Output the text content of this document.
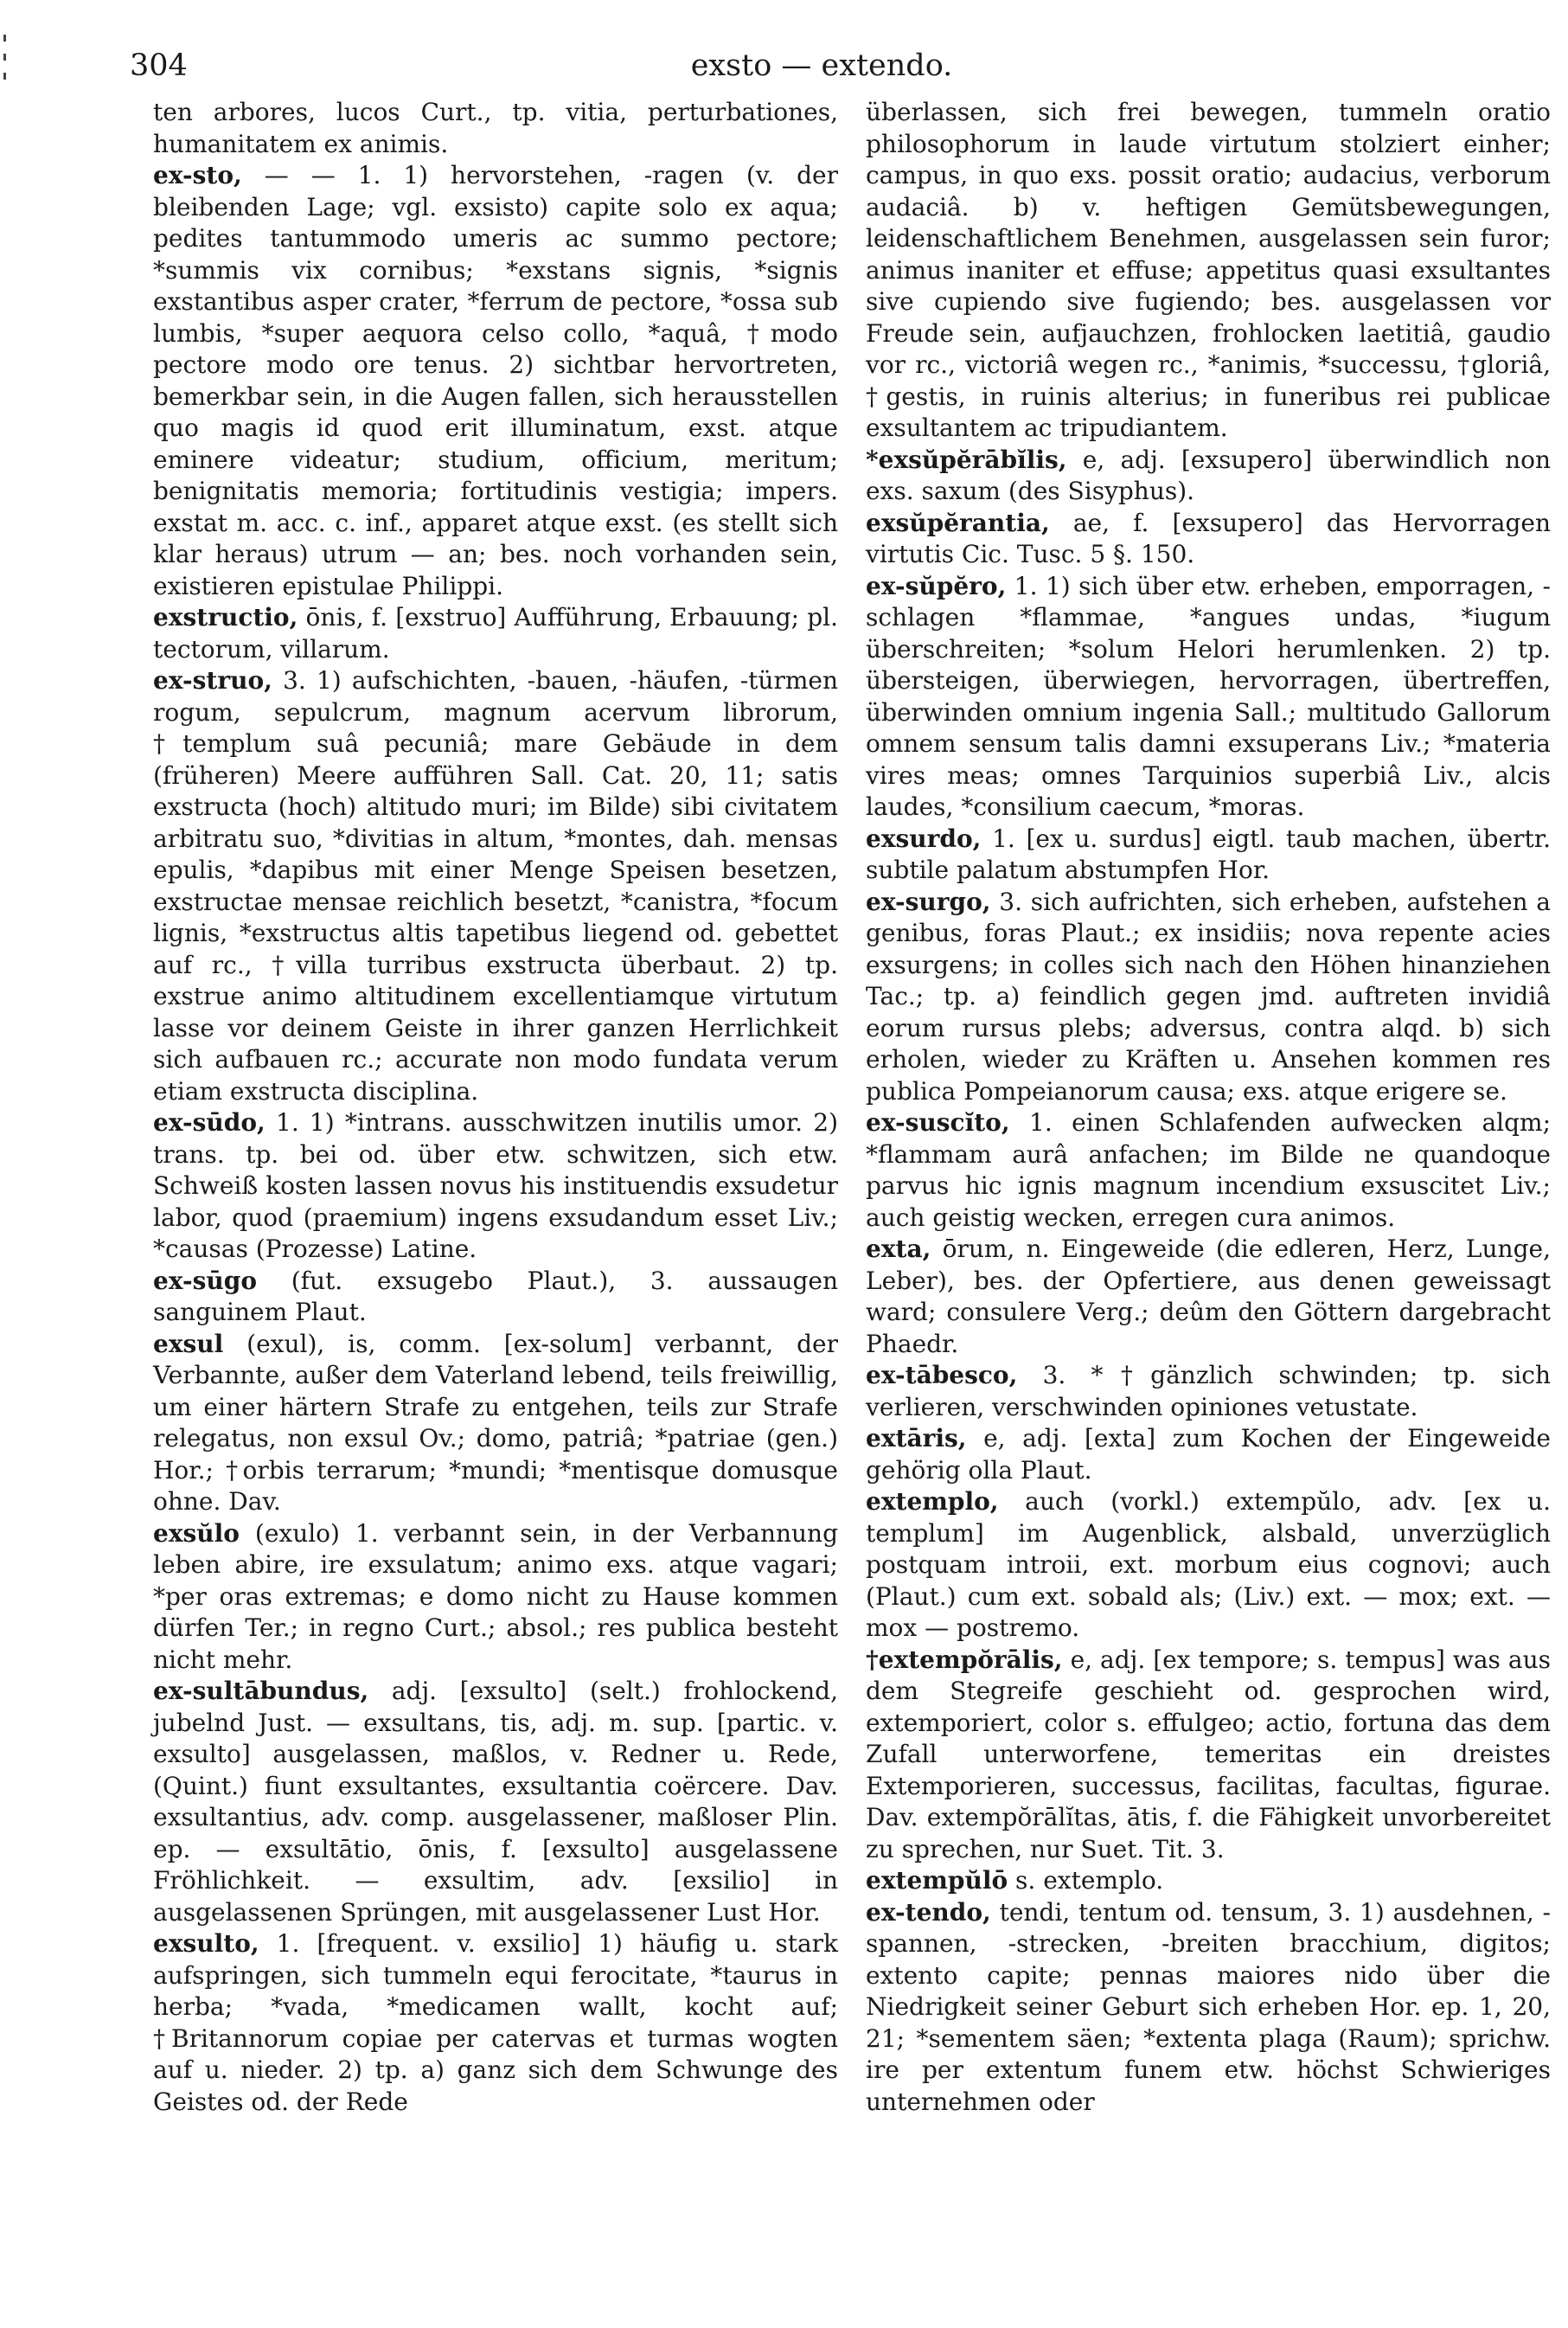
304	exsto — extendo.

ten arbores, lucos Curt., tp. vitia, perturbationes, humanitatem ex animis.

ex-sto, — — 1. 1) hervorstehen, -ragen (v. der bleibenden Lage; vgl. exsisto) capite solo ex aqua; pedites tantummodo umeris ac summo pectore; *summis vix cornibus; *exstans signis, *signis exstantibus asper crater, *ferrum de pectore, *ossa sub lumbis, *super aequora celso collo, *aquâ, †modo pectore modo ore tenus. 2) sichtbar hervortreten, bemerkbar sein, in die Augen fallen, sich herausstellen quo magis id quod erit illuminatum, exst. atque eminere videatur; studium, officium, meritum; benignitatis memoria; fortitudinis vestigia; impers. exstat m. acc. c. inf., apparet atque exst. (es stellt sich klar heraus) utrum — an; bes. noch vorhanden sein, existieren epistulae Philippi.

exstructio, ōnis, f. [exstruo] Aufführung, Erbauung; pl. tectorum, villarum.

ex-struo, 3. 1) aufschichten, -bauen, -häufen, -türmen rogum, sepulcrum, magnum acervum librorum, †templum suâ pecuniâ; mare Gebäude in dem (früheren) Meere aufführen Sall. Cat. 20, 11; satis exstructa (hoch) altitudo muri; im Bilde) sibi civitatem arbitratu suo, *divitias in altum, *montes, dah. mensas epulis, *dapibus mit einer Menge Speisen besetzen, exstructae mensae reichlich besetzt, *canistra, *focum lignis, *exstructus altis tapetibus liegend od. gebettet auf rc., †villa turribus exstructa überbaut. 2) tp. exstrue animo altitudinem excellentiamque virtutum lasse vor deinem Geiste in ihrer ganzen Herrlichkeit sich aufbauen rc.; accurate non modo fundata verum etiam exstructa disciplina.

ex-sūdo, 1. 1) *intrans. ausschwitzen inutilis umor. 2) trans. tp. bei od. über etw. schwitzen, sich etw. Schweiß kosten lassen novus his instituendis exsudetur labor, quod (praemium) ingens exsudandum esset Liv.; *causas (Prozesse) Latine.

ex-sūgo (fut. exsugebo Plaut.), 3. aussaugen sanguinem Plaut.

exsul (exul), is, comm. [ex-solum] verbannt, der Verbannte, außer dem Vaterland lebend, teils freiwillig, um einer härtern Strafe zu entgehen, teils zur Strafe relegatus, non exsul Ov.; domo, patriâ; *patriae (gen.) Hor.; †orbis terrarum; *mundi; *mentisque domusque ohne. Dav.

exsŭlo (exulo) 1. verbannt sein, in der Verbannung leben abire, ire exsulatum; animo exs. atque vagari; *per oras extremas; e domo nicht zu Hause kommen dürfen Ter.; in regno Curt.; absol.; res publica besteht nicht mehr.

ex-sultābundus, adj. [exsulto] (selt.) frohlockend, jubelnd Just. — exsultans, tis, adj. m. sup. [partic. v. exsulto] ausgelassen, maßlos, v. Redner u. Rede, (Quint.) fiunt exsultantes, exsultantia coërcere. Dav. exsultantius, adv. comp. ausgelassener, maßloser Plin. ep. — exsultātio, ōnis, f. [exsulto] ausgelassene Fröhlichkeit. — exsultim, adv. [exsilio] in ausgelassenen Sprüngen, mit ausgelassener Lust Hor.

exsulto, 1. [frequent. v. exsilio] 1) häufig u. stark aufspringen, sich tummeln equi ferocitate, *taurus in herba; *vada, *medicamen wallt, kocht auf; †Britannorum copiae per catervas et turmas wogten auf u. nieder. 2) tp. a) ganz sich dem Schwunge des Geistes od. der Rede

überlassen, sich frei bewegen, tummeln oratio philosophorum in laude virtutum stolziert einher; campus, in quo exs. possit oratio; audacius, verborum audaciâ. b) v. heftigen Gemütsbewegungen, leidenschaftlichem Benehmen, ausgelassen sein furor; animus inaniter et effuse; appetitus quasi exsultantes sive cupiendo sive fugiendo; bes. ausgelassen vor Freude sein, aufjauchzen, frohlocken laetitiâ, gaudio vor rc., victoriâ wegen rc., *animis, *successu, †gloriâ, †gestis, in ruinis alterius; in funeribus rei publicae exsultantem ac tripudiantem.

*exsŭpĕrābĭlis, e, adj. [exsupero] überwindlich non exs. saxum (des Sisyphus).

exsŭpĕrantia, ae, f. [exsupero] das Hervorragen virtutis Cic. Tusc. 5 §. 150.

ex-sŭpĕro, 1. 1) sich über etw. erheben, emporragen, -schlagen *flammae, *angues undas, *iugum überschreiten; *solum Helori herumlenken. 2) tp. übersteigen, überwiegen, hervorragen, übertreffen, überwinden omnium ingenia Sall.; multitudo Gallorum omnem sensum talis damni exsuperans Liv.; *materia vires meas; omnes Tarquinios superbiâ Liv., alcis laudes, *consilium caecum, *moras.

exsurdo, 1. [ex u. surdus] eigtl. taub machen, übertr. subtile palatum abstumpfen Hor.

ex-surgo, 3. sich aufrichten, sich erheben, aufstehen a genibus, foras Plaut.; ex insidiis; nova repente acies exsurgens; in colles sich nach den Höhen hinanziehen Tac.; tp. a) feindlich gegen jmd. auftreten invidiâ eorum rursus plebs; adversus, contra alqd. b) sich erholen, wieder zu Kräften u. Ansehen kommen res publica Pompeianorum causa; exs. atque erigere se.

ex-suscĭto, 1. einen Schlafenden aufwecken alqm; *flammam aurâ anfachen; im Bilde ne quandoque parvus hic ignis magnum incendium exsuscitet Liv.; auch geistig wecken, erregen cura animos.

exta, ōrum, n. Eingeweide (die edleren, Herz, Lunge, Leber), bes. der Opfertiere, aus denen geweissagt ward; consulere Verg.; deûm den Göttern dargebracht Phaedr.

ex-tābesco, 3. *†gänzlich schwinden; tp. sich verlieren, verschwinden opiniones vetustate.

extāris, e, adj. [exta] zum Kochen der Eingeweide gehörig olla Plaut.

extemplo, auch (vorkl.) extempŭlo, adv. [ex u. templum] im Augenblick, alsbald, unverzüglich postquam introii, ext. morbum eius cognovi; auch (Plaut.) cum ext. sobald als; (Liv.) ext. — mox; ext. — mox — postremo.

†extempŏrālis, e, adj. [ex tempore; s. tempus] was aus dem Stegreife geschieht od. gesprochen wird, extemporiert, color s. effulgeo; actio, fortuna das dem Zufall unterworfene, temeritas ein dreistes Extemporieren, successus, facilitas, facultas, figurae. Dav. extempŏrālĭtas, ātis, f. die Fähigkeit unvorbereitet zu sprechen, nur Suet. Tit. 3.

extempŭlō s. extemplo.

ex-tendo, tendi, tentum od. tensum, 3. 1) ausdehnen, -spannen, -strecken, -breiten bracchium, digitos; extento capite; pennas maiores nido über die Niedrigkeit seiner Geburt sich erheben Hor. ep. 1, 20, 21; *sementem säen; *extenta plaga (Raum); sprichw. ire per extentum funem etw. höchst Schwieriges unternehmen oder
